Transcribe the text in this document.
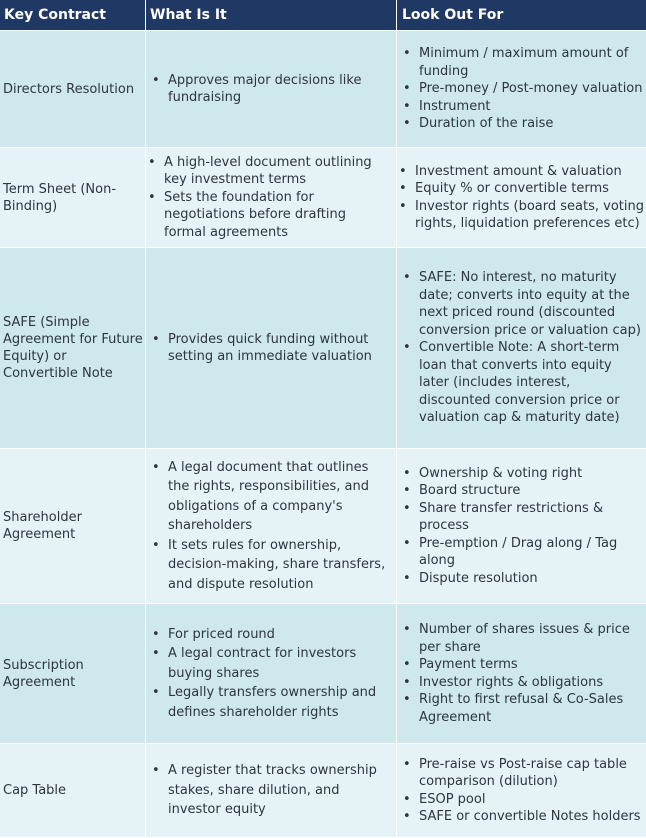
Key Contract	What Is It	Look Out For
Directors Resolution
• Approves major decisions like fundraising
• Minimum / maximum amount of funding
• Pre-money / Post-money valuation
• Instrument
• Duration of the raise
Term Sheet (Non-Binding)
• A high-level document outlining key investment terms
• Sets the foundation for negotiations before drafting formal agreements
• Investment amount & valuation
• Equity % or convertible terms
• Investor rights (board seats, voting rights, liquidation preferences etc)
SAFE (Simple Agreement for Future Equity) or Convertible Note
• Provides quick funding without setting an immediate valuation
• SAFE: No interest, no maturity date; converts into equity at the next priced round (discounted conversion price or valuation cap)
• Convertible Note: A short-term loan that converts into equity later (includes interest, discounted conversion price or valuation cap & maturity date)
Shareholder Agreement
• A legal document that outlines the rights, responsibilities, and obligations of a company's shareholders
• It sets rules for ownership, decision-making, share transfers, and dispute resolution
• Ownership & voting right
• Board structure
• Share transfer restrictions & process
• Pre-emption / Drag along / Tag along
• Dispute resolution
Subscription Agreement
• For priced round
• A legal contract for investors buying shares
• Legally transfers ownership and defines shareholder rights
• Number of shares issues & price per share
• Payment terms
• Investor rights & obligations
• Right to first refusal & Co-Sales Agreement
Cap Table
• A register that tracks ownership stakes, share dilution, and investor equity
• Pre-raise vs Post-raise cap table comparison (dilution)
• ESOP pool
• SAFE or convertible Notes holders
